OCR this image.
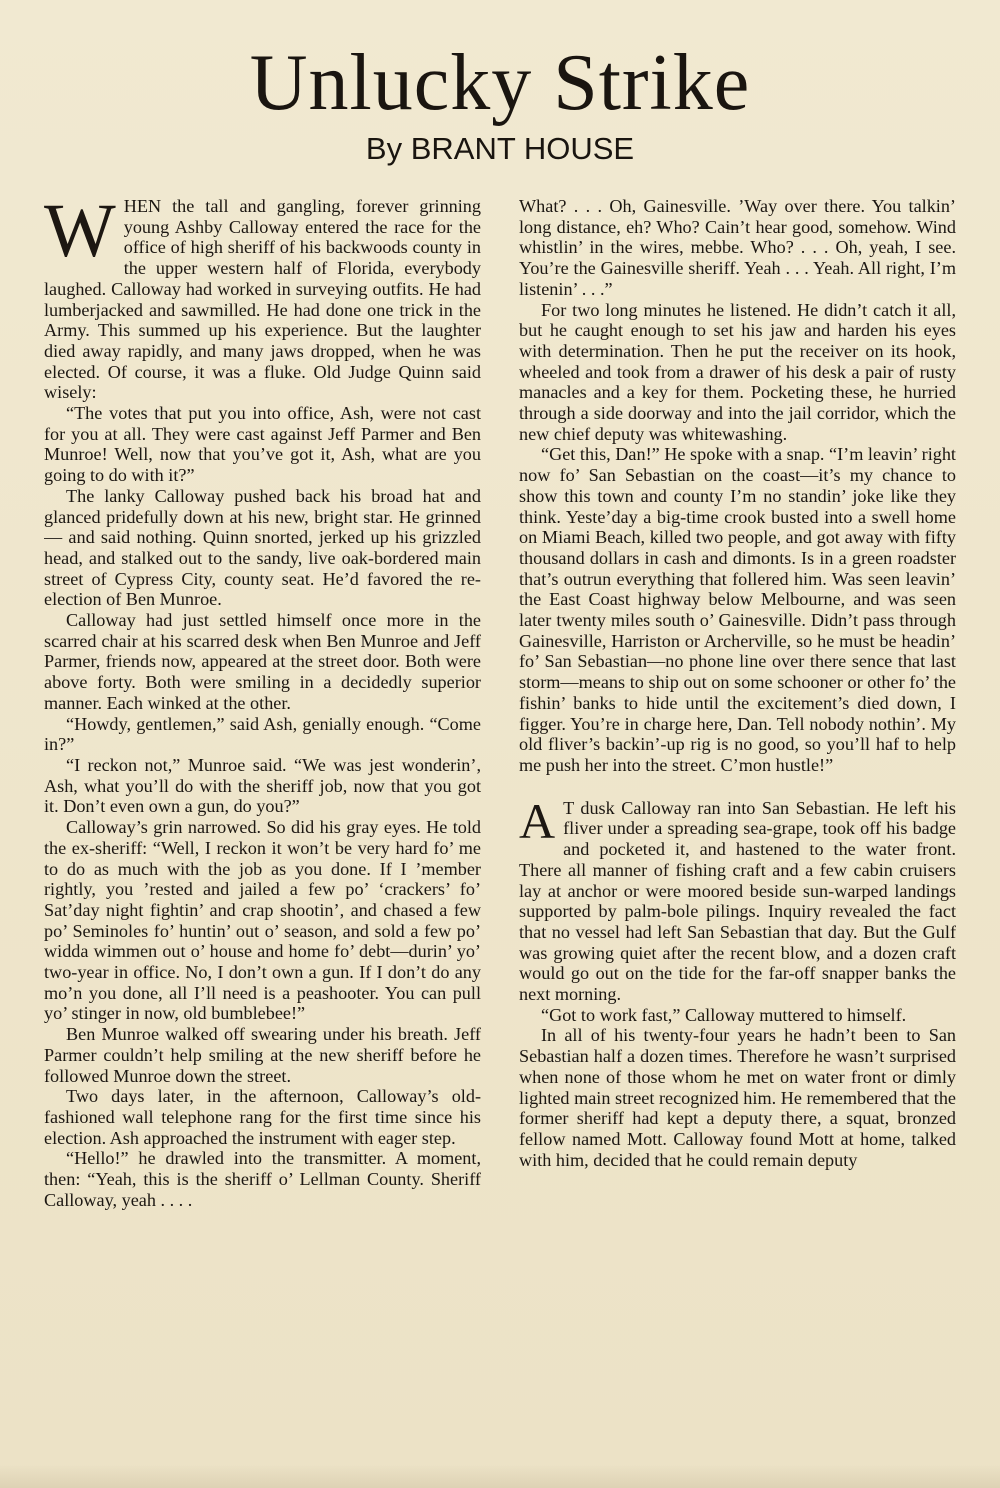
Unlucky Strike
By BRANT HOUSE

WHEN the tall and gangling, forever grinning young Ashby Calloway entered the race for the office of high sheriff of his backwoods county in the upper western half of Florida, everybody laughed. Calloway had worked in surveying outfits. He had lumberjacked and sawmilled. He had done one trick in the Army. This summed up his experience. But the laughter died away rapidly, and many jaws dropped, when he was elected. Of course, it was a fluke. Old Judge Quinn said wisely:

“The votes that put you into office, Ash, were not cast for you at all. They were cast against Jeff Parmer and Ben Munroe! Well, now that you’ve got it, Ash, what are you going to do with it?”

The lanky Calloway pushed back his broad hat and glanced pridefully down at his new, bright star. He grinned — and said nothing. Quinn snorted, jerked up his grizzled head, and stalked out to the sandy, live oak-bordered main street of Cypress City, county seat. He’d favored the re-election of Ben Munroe.

Calloway had just settled himself once more in the scarred chair at his scarred desk when Ben Munroe and Jeff Parmer, friends now, appeared at the street door. Both were above forty. Both were smiling in a decidedly superior manner. Each winked at the other.

“Howdy, gentlemen,” said Ash, genially enough. “Come in?”

“I reckon not,” Munroe said. “We was jest wonderin’, Ash, what you’ll do with the sheriff job, now that you got it. Don’t even own a gun, do you?”

Calloway’s grin narrowed. So did his gray eyes. He told the ex-sheriff: “Well, I reckon it won’t be very hard fo’ me to do as much with the job as you done. If I ’member rightly, you ’rested and jailed a few po’ ‘crackers’ fo’ Sat’day night fightin’ and crap shootin’, and chased a few po’ Seminoles fo’ huntin’ out o’ season, and sold a few po’ widda wimmen out o’ house and home fo’ debt—durin’ yo’ two-year in office. No, I don’t own a gun. If I don’t do any mo’n you done, all I’ll need is a peashooter. You can pull yo’ stinger in now, old bumblebee!”

Ben Munroe walked off swearing under his breath. Jeff Parmer couldn’t help smiling at the new sheriff before he followed Munroe down the street.

Two days later, in the afternoon, Calloway’s old-fashioned wall telephone rang for the first time since his election. Ash approached the instrument with eager step.

“Hello!” he drawled into the transmitter. A moment, then: “Yeah, this is the sheriff o’ Lellman County. Sheriff Calloway, yeah . . . .

What? . . . Oh, Gainesville. ’Way over there. You talkin’ long distance, eh? Who? Cain’t hear good, somehow. Wind whistlin’ in the wires, mebbe. Who? . . . Oh, yeah, I see. You’re the Gainesville sheriff. Yeah . . . Yeah. All right, I’m listenin’ . . .”

For two long minutes he listened. He didn’t catch it all, but he caught enough to set his jaw and harden his eyes with determination. Then he put the receiver on its hook, wheeled and took from a drawer of his desk a pair of rusty manacles and a key for them. Pocketing these, he hurried through a side doorway and into the jail corridor, which the new chief deputy was whitewashing.

“Get this, Dan!” He spoke with a snap. “I’m leavin’ right now fo’ San Sebastian on the coast—it’s my chance to show this town and county I’m no standin’ joke like they think. Yeste’day a big-time crook busted into a swell home on Miami Beach, killed two people, and got away with fifty thousand dollars in cash and dimonts. Is in a green roadster that’s outrun everything that follered him. Was seen leavin’ the East Coast highway below Melbourne, and was seen later twenty miles south o’ Gainesville. Didn’t pass through Gainesville, Harriston or Archerville, so he must be headin’ fo’ San Sebastian—no phone line over there sence that last storm—means to ship out on some schooner or other fo’ the fishin’ banks to hide until the excitement’s died down, I figger. You’re in charge here, Dan. Tell nobody nothin’. My old fliver’s backin’-up rig is no good, so you’ll haf to help me push her into the street. C’mon hustle!”

A T dusk Calloway ran into San Sebastian. He left his fliver under a spreading sea-grape, took off his badge and pocketed it, and hastened to the water front. There all manner of fishing craft and a few cabin cruisers lay at anchor or were moored beside sun-warped landings supported by palm-bole pilings. Inquiry revealed the fact that no vessel had left San Sebastian that day. But the Gulf was growing quiet after the recent blow, and a dozen craft would go out on the tide for the far-off snapper banks the next morning.

“Got to work fast,” Calloway muttered to himself.

In all of his twenty-four years he hadn’t been to San Sebastian half a dozen times. Therefore he wasn’t surprised when none of those whom he met on water front or dimly lighted main street recognized him. He remembered that the former sheriff had kept a deputy there, a squat, bronzed fellow named Mott. Calloway found Mott at home, talked with him, decided that he could remain deputy
